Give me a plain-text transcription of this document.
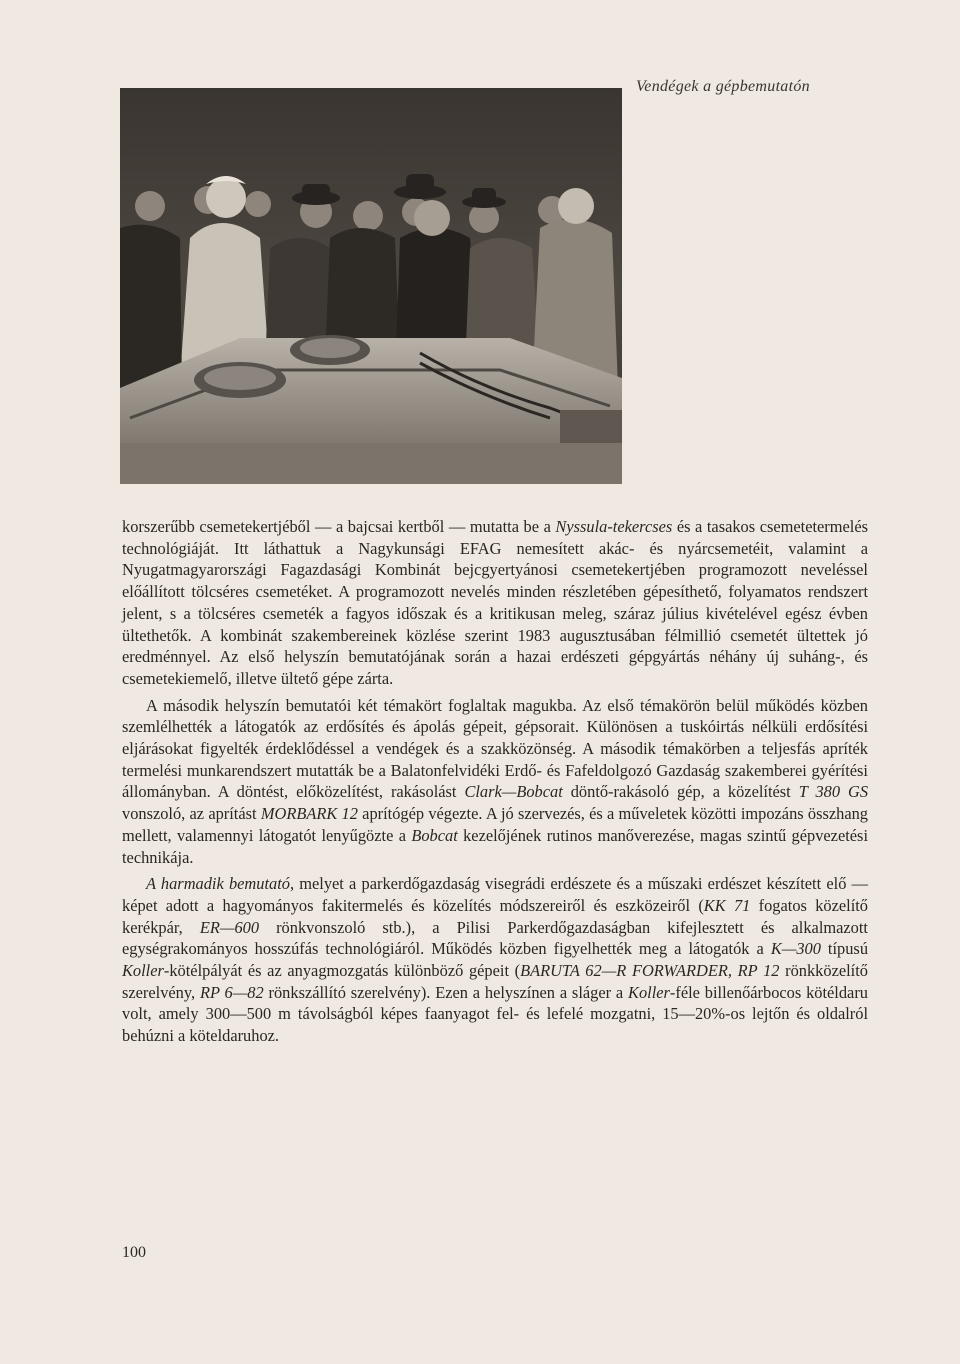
Vendégek a gépbemutatón

korszerűbb csemetekertjéből — a bajcsai kertből — mutatta be a Nyssula-tekercses és a tasakos csemetetermelés technológiáját. Itt láthattuk a Nagykunsági EFAG nemesített akác- és nyárcsemetéit, valamint a Nyugatmagyarországi Fagazdasági Kombinát bejcgyertyánosi csemetekertjében programozott neveléssel előállított tölcséres csemetéket. A programozott nevelés minden részletében gépesíthető, folyamatos rendszert jelent, s a tölcséres csemeték a fagyos időszak és a kritikusan meleg, száraz július kivételével egész évben ültethetők. A kombinát szakembereinek közlése szerint 1983 augusztusában félmillió csemetét ültettek jó eredménnyel. Az első helyszín bemutatójának során a hazai erdészeti gépgyártás néhány új suháng-, és csemetekiemelő, illetve ültető gépe zárta.

A második helyszín bemutatói két témakört foglaltak magukba. Az első témakörön belül működés közben szemlélhették a látogatók az erdősítés és ápolás gépeit, gépsorait. Különösen a tuskóirtás nélküli erdősítési eljárásokat figyelték érdeklődéssel a vendégek és a szakközönség. A második témakörben a teljesfás apríték termelési munkarendszert mutatták be a Balatonfelvidéki Erdő- és Fafeldolgozó Gazdaság szakemberei gyérítési állományban. A döntést, előközelítést, rakásolást Clark—Bobcat döntő-rakásoló gép, a közelítést T 380 GS vonszoló, az aprítást MORBARK 12 aprítógép végezte. A jó szervezés, és a műveletek közötti impozáns összhang mellett, valamennyi látogatót lenyűgözte a Bobcat kezelőjének rutinos manőverezése, magas szintű gépvezetési technikája.

A harmadik bemutató, melyet a parkerdőgazdaság visegrádi erdészete és a műszaki erdészet készített elő — képet adott a hagyományos fakitermelés és közelítés módszereiről és eszközeiről (KK 71 fogatos közelítő kerékpár, ER—600 rönkvonszoló stb.), a Pilisi Parkerdőgazdaságban kifejlesztett és alkalmazott egységrakományos hosszúfás technológiáról. Működés közben figyelhették meg a látogatók a K—300 típusú Koller-kötélpályát és az anyagmozgatás különböző gépeit (BARUTA 62—R FORWARDER, RP 12 rönkközelítő szerelvény, RP 6—82 rönkszállító szerelvény). Ezen a helyszínen a sláger a Koller-féle billenőárbocos kötéldaru volt, amely 300—500 m távolságból képes faanyagot fel- és lefelé mozgatni, 15—20%-os lejtőn és oldalról behúzni a köteldaruhoz.

100
